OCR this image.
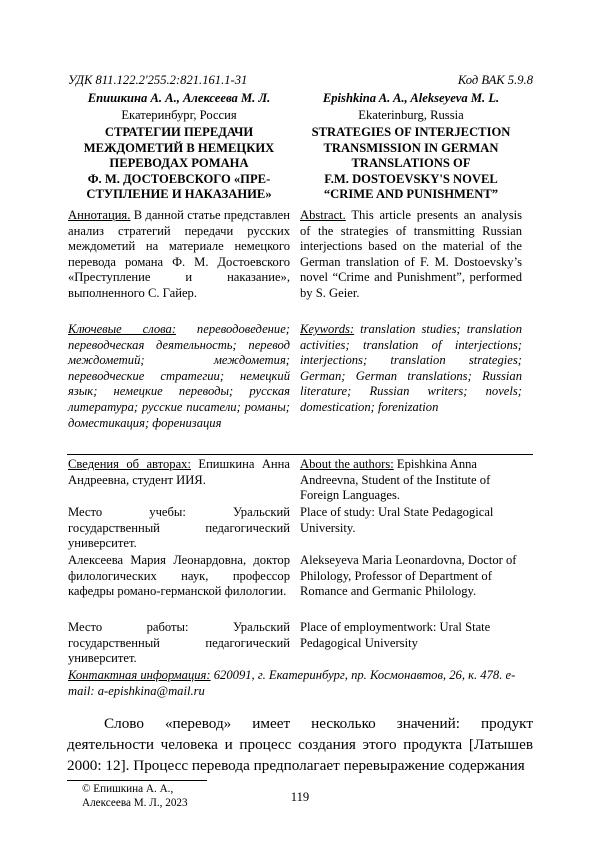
УДК 811.122.2'255.2:821.161.1-31	Код ВАК 5.9.8
Епишкина А. А., Алексеева М. Л.	Epishkina A. A., Alekseyeva M. L.
Екатеринбург, Россия	Ekaterinburg, Russia
СТРАТЕГИИ ПЕРЕДАЧИ
МЕЖДОМЕТИЙ В НЕМЕЦКИХ
ПЕРЕВОДАХ РОМАНА
Ф. М. ДОСТОЕВСКОГО «ПРЕ-
СТУПЛЕНИЕ И НАКАЗАНИЕ»
STRATEGIES OF INTERJECTION
TRANSMISSION IN GERMAN
TRANSLATIONS OF
F.M. DOSTOEVSKY'S NOVEL
“CRIME AND PUNISHMENT”
Аннотация. В данной статье представлен анализ стратегий передачи русских междометий на материале немецкого перевода романа Ф. М. Достоевского «Преступление и наказание», выполненного С. Гайер.
Abstract. This article presents an analysis of the strategies of transmitting Russian interjections based on the material of the German translation of F. M. Dostoevsky’s novel “Crime and Punishment”, performed by S. Geier.
Ключевые слова: переводоведение; переводческая деятельность; перевод междометий; междометия; переводческие стратегии; немецкий язык; немецкие переводы; русская литература; русские писатели; романы; доместикация; форенизация
Keywords: translation studies; translation activities; translation of interjections; interjections; translation strategies; German; German translations; Russian literature; Russian writers; novels; domestication; forenization
Сведения об авторах: Епишкина Анна Андреевна, студент ИИЯ.
About the authors: Epishkina Anna Andreevna, Student of the Institute of Foreign Languages.
Место учебы: Уральский государственный педагогический университет.
Place of study: Ural State Pedagogical University.
Алексеева Мария Леонардовна, доктор филологических наук, профессор кафедры романо-германской филологии.
Alekseyeva Maria Leonardovna, Doctor of Philology, Professor of Department of Romance and Germanic Philology.
Место работы: Уральский государственный педагогический университет.
Place of employmentwork: Ural State Pedagogical University
Контактная информация: 620091, г. Екатеринбург, пр. Космонавтов, 26, к. 478. e-mail: a-epishkina@mail.ru
Слово «перевод» имеет несколько значений: продукт деятельности человека и процесс создания этого продукта [Латышев 2000: 12]. Процесс перевода предполагает перевыражение содержания
© Епишкина А. А.,
Алексеева М. Л., 2023	119
